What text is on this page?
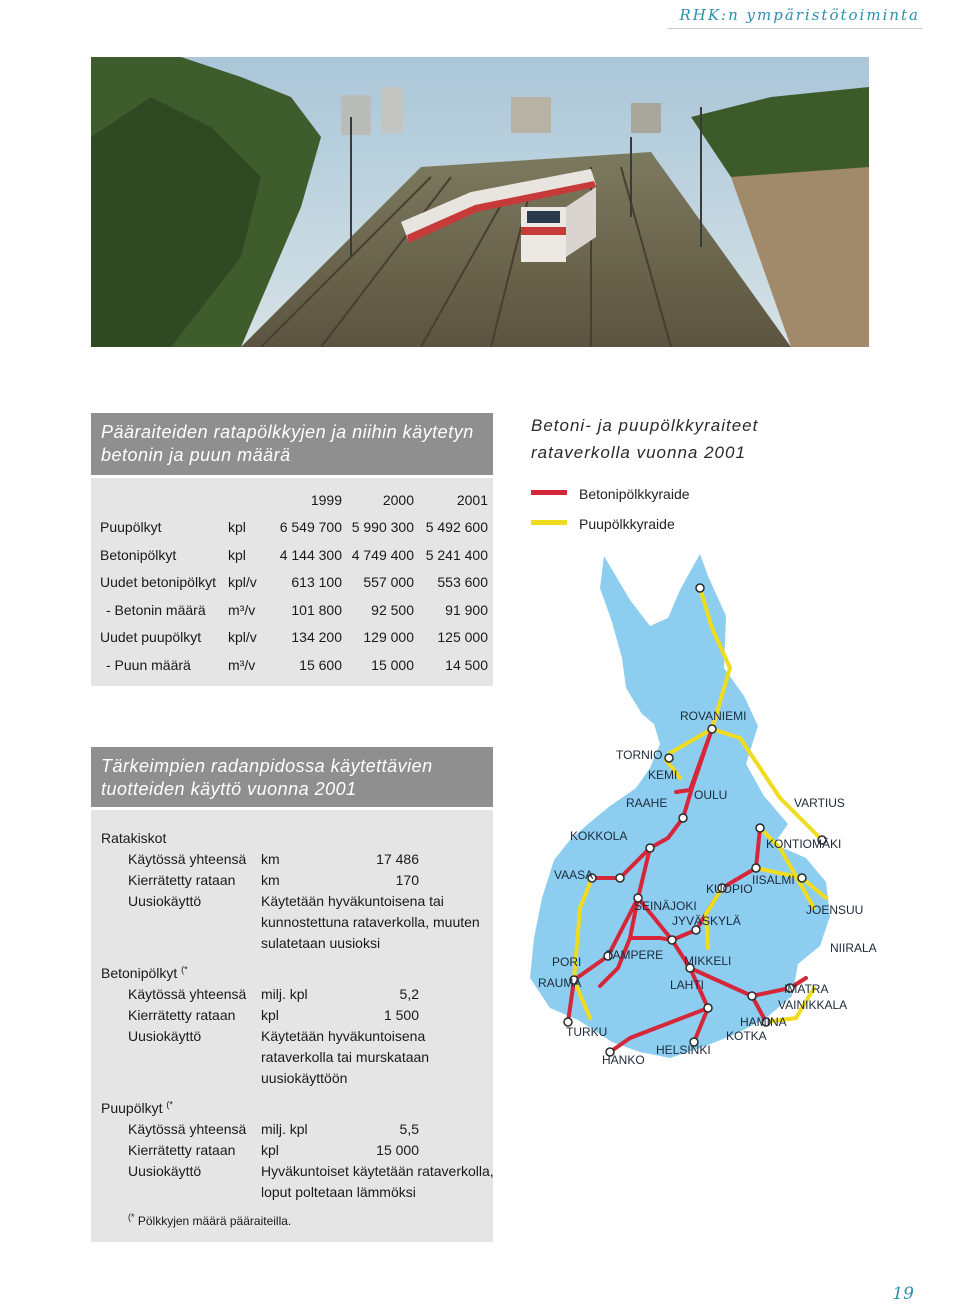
RHK:n ympäristötoiminta
Pääraiteiden ratapölkkyjen ja niihin käytetyn betonin ja puun määrä
		1999	2000	2001
Puupölkyt	kpl	6 549 700	5 990 300	5 492 600
Betonipölkyt	kpl	4 144 300	4 749 400	5 241 400
Uudet betonipölkyt	kpl/v	613 100	557 000	553 600
- Betonin määrä	m³/v	101 800	92 500	91 900
Uudet puupölkyt	kpl/v	134 200	129 000	125 000
- Puun määrä	m³/v	15 600	15 000	14 500
Tärkeimpien radanpidossa käytettävien tuotteiden käyttö vuonna 2001
Ratakiskot
Käytössä yhteensä km	17 486
Kierrätetty rataan km	170
Uusiokäyttö	Käytetään hyväkuntoisena tai
kunnostettuna rataverkolla, muuten
sulatetaan uusioksi
Betonipölkyt (*
Käytössä yhteensä milj. kpl	5,2
Kierrätetty rataan kpl	1 500
Uusiokäyttö	Käytetään hyväkuntoisena
rataverkolla tai murskataan
uusiokäyttöön
Puupölkyt (*
Käytössä yhteensä milj. kpl	5,5
Kierrätetty rataan kpl	15 000
Uusiokäyttö	Hyväkuntoiset käytetään rataverkolla,
loput poltetaan lämmöksi
(* Pölkkyjen määrä pääraiteilla.
Betoni- ja puupölkkyraiteet
rataverkolla vuonna 2001
Betonipölkkyraide
Puupölkkyraide
ROVANIEMI
TORNIO
KEMI
RAAHE
OULU
VARTIUS
KOKKOLA
KONTIOMÄKI
VAASA	IISALMI
KUOPIO
SEINÄJOKI	JOENSUU
JYVÄSKYLÄ
NIIRALA
TAMPERE MIKKELI
PORI
RAUMA	LAHTI	IMATRA
VAINIKKALA
HAMINA
TURKU	KOTKA
HELSINKI
HANKO
19
